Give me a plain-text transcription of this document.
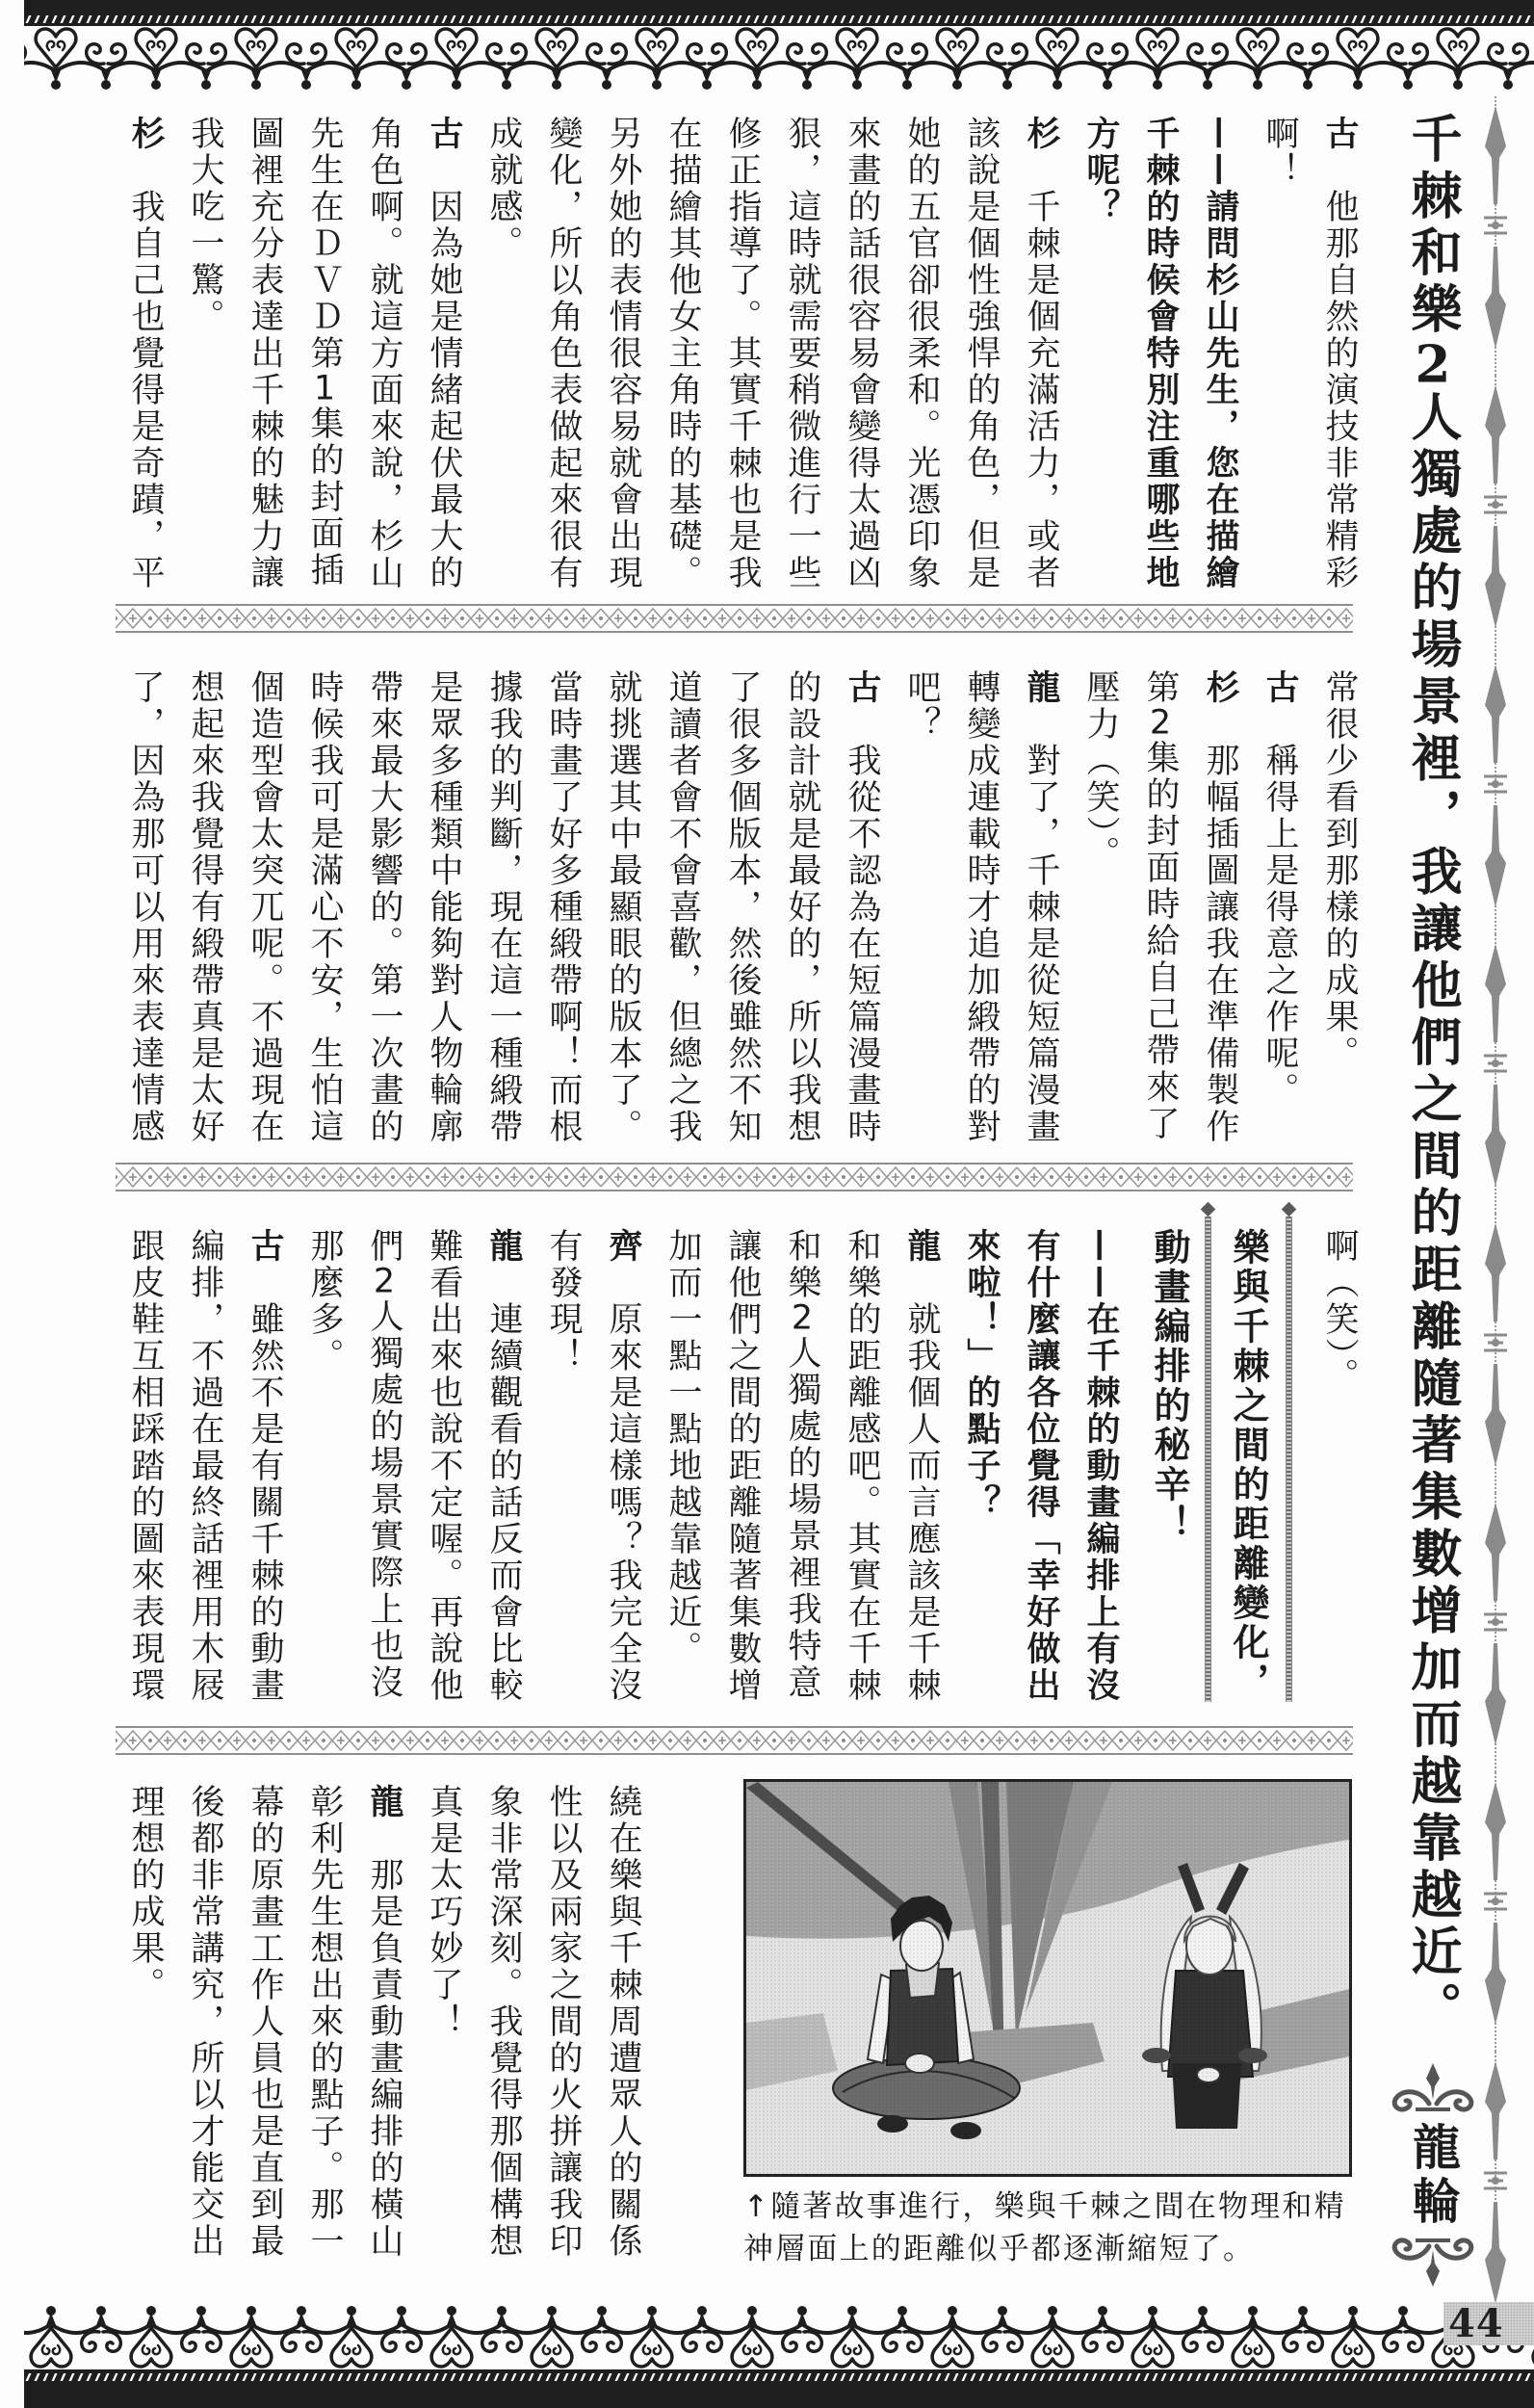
千棘和樂2人獨處的場景裡，我讓他們之間的距離隨著集數增加而越靠越近。
龍輪
古他那自然的演技非常精彩
啊！
——請問杉山先生，您在描繪
千棘的時候會特別注重哪些地
方呢？
杉千棘是個充滿活力，或者
該說是個性強悍的角色，但是
她的五官卻很柔和。光憑印象
來畫的話很容易會變得太過凶
狠，這時就需要稍微進行一些
修正指導了。其實千棘也是我
在描繪其他女主角時的基礎。
另外她的表情很容易就會出現
變化，所以角色表做起來很有
成就感。
古因為她是情緒起伏最大的
角色啊。就這方面來說，杉山
先生在ＤＶＤ第1集的封面插
圖裡充分表達出千棘的魅力讓
我大吃一驚。
杉我自己也覺得是奇蹟，平
常很少看到那樣的成果。
古稱得上是得意之作呢。
杉那幅插圖讓我在準備製作
第2集的封面時給自己帶來了
壓力（笑）。
龍對了，千棘是從短篇漫畫
轉變成連載時才追加緞帶的對
吧？
古我從不認為在短篇漫畫時
的設計就是最好的，所以我想
了很多個版本，然後雖然不知
道讀者會不會喜歡，但總之我
就挑選其中最顯眼的版本了。
當時畫了好多種緞帶啊！而根
據我的判斷，現在這一種緞帶
是眾多種類中能夠對人物輪廓
帶來最大影響的。第一次畫的
時候我可是滿心不安，生怕這
個造型會太突兀呢。不過現在
想起來我覺得有緞帶真是太好
了，因為那可以用來表達情感
啊（笑）。
樂與千棘之間的距離變化，
動畫編排的秘辛！
——在千棘的動畫編排上有沒
有什麼讓各位覺得「幸好做出
來啦！」的點子？
龍就我個人而言應該是千棘
和樂的距離感吧。其實在千棘
和樂2人獨處的場景裡我特意
讓他們之間的距離隨著集數增
加而一點一點地越靠越近。
齊原來是這樣嗎？我完全沒
有發現！
龍連續觀看的話反而會比較
難看出來也說不定喔。再說他
們2人獨處的場景實際上也沒
那麼多。
古雖然不是有關千棘的動畫
編排，不過在最終話裡用木屐
跟皮鞋互相踩踏的圖來表現環
繞在樂與千棘周遭眾人的關係
性以及兩家之間的火拼讓我印
象非常深刻。我覺得那個構想
真是太巧妙了！
龍那是負責動畫編排的橫山
彰利先生想出來的點子。那一
幕的原畫工作人員也是直到最
後都非常講究，所以才能交出
理想的成果。
↑隨著故事進行，樂與千棘之間在物理和精
神層面上的距離似乎都逐漸縮短了。
44
